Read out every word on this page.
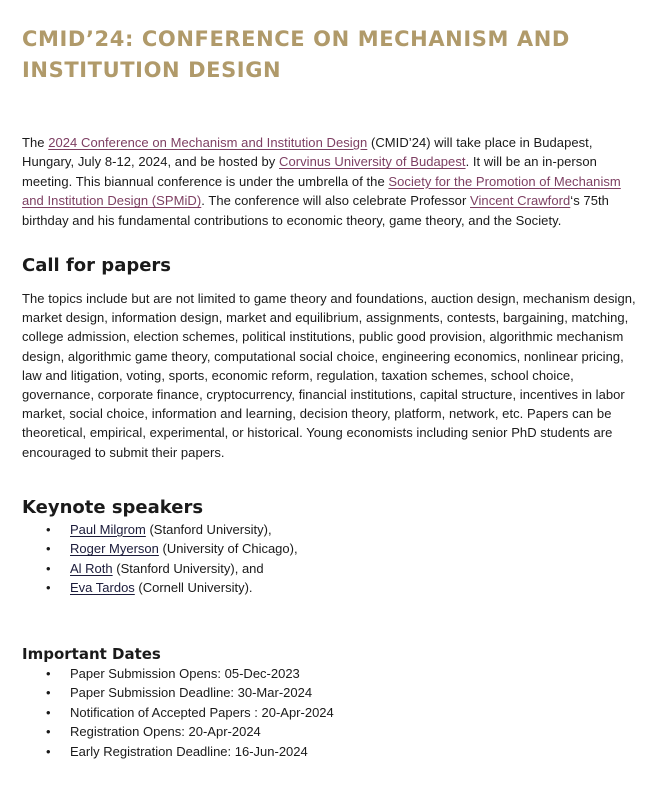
CMID’24: CONFERENCE ON MECHANISM AND INSTITUTION DESIGN

The 2024 Conference on Mechanism and Institution Design (CMID’24) will take place in Budapest, Hungary, July 8-12, 2024, and be hosted by Corvinus University of Budapest. It will be an in-person meeting. This biannual conference is under the umbrella of the Society for the Promotion of Mechanism and Institution Design (SPMiD). The conference will also celebrate Professor Vincent Crawford‘s 75th birthday and his fundamental contributions to economic theory, game theory, and the Society.

Call for papers

The topics include but are not limited to game theory and foundations, auction design, mechanism design, market design, information design, market and equilibrium, assignments, contests, bargaining, matching, college admission, election schemes, political institutions, public good provision, algorithmic mechanism design, algorithmic game theory, computational social choice, engineering economics, nonlinear pricing, law and litigation, voting, sports, economic reform, regulation, taxation schemes, school choice, governance, corporate finance, cryptocurrency, financial institutions, capital structure, incentives in labor market, social choice, information and learning, decision theory, platform, network, etc. Papers can be theoretical, empirical, experimental, or historical. Young economists including senior PhD students are encouraged to submit their papers.

Keynote speakers
• Paul Milgrom (Stanford University),
• Roger Myerson (University of Chicago),
• Al Roth (Stanford University), and
• Eva Tardos (Cornell University).
Important Dates
• Paper Submission Opens: 05-Dec-2023
• Paper Submission Deadline: 30-Mar-2024
• Notification of Accepted Papers : 20-Apr-2024
• Registration Opens: 20-Apr-2024
• Early Registration Deadline: 16-Jun-2024
